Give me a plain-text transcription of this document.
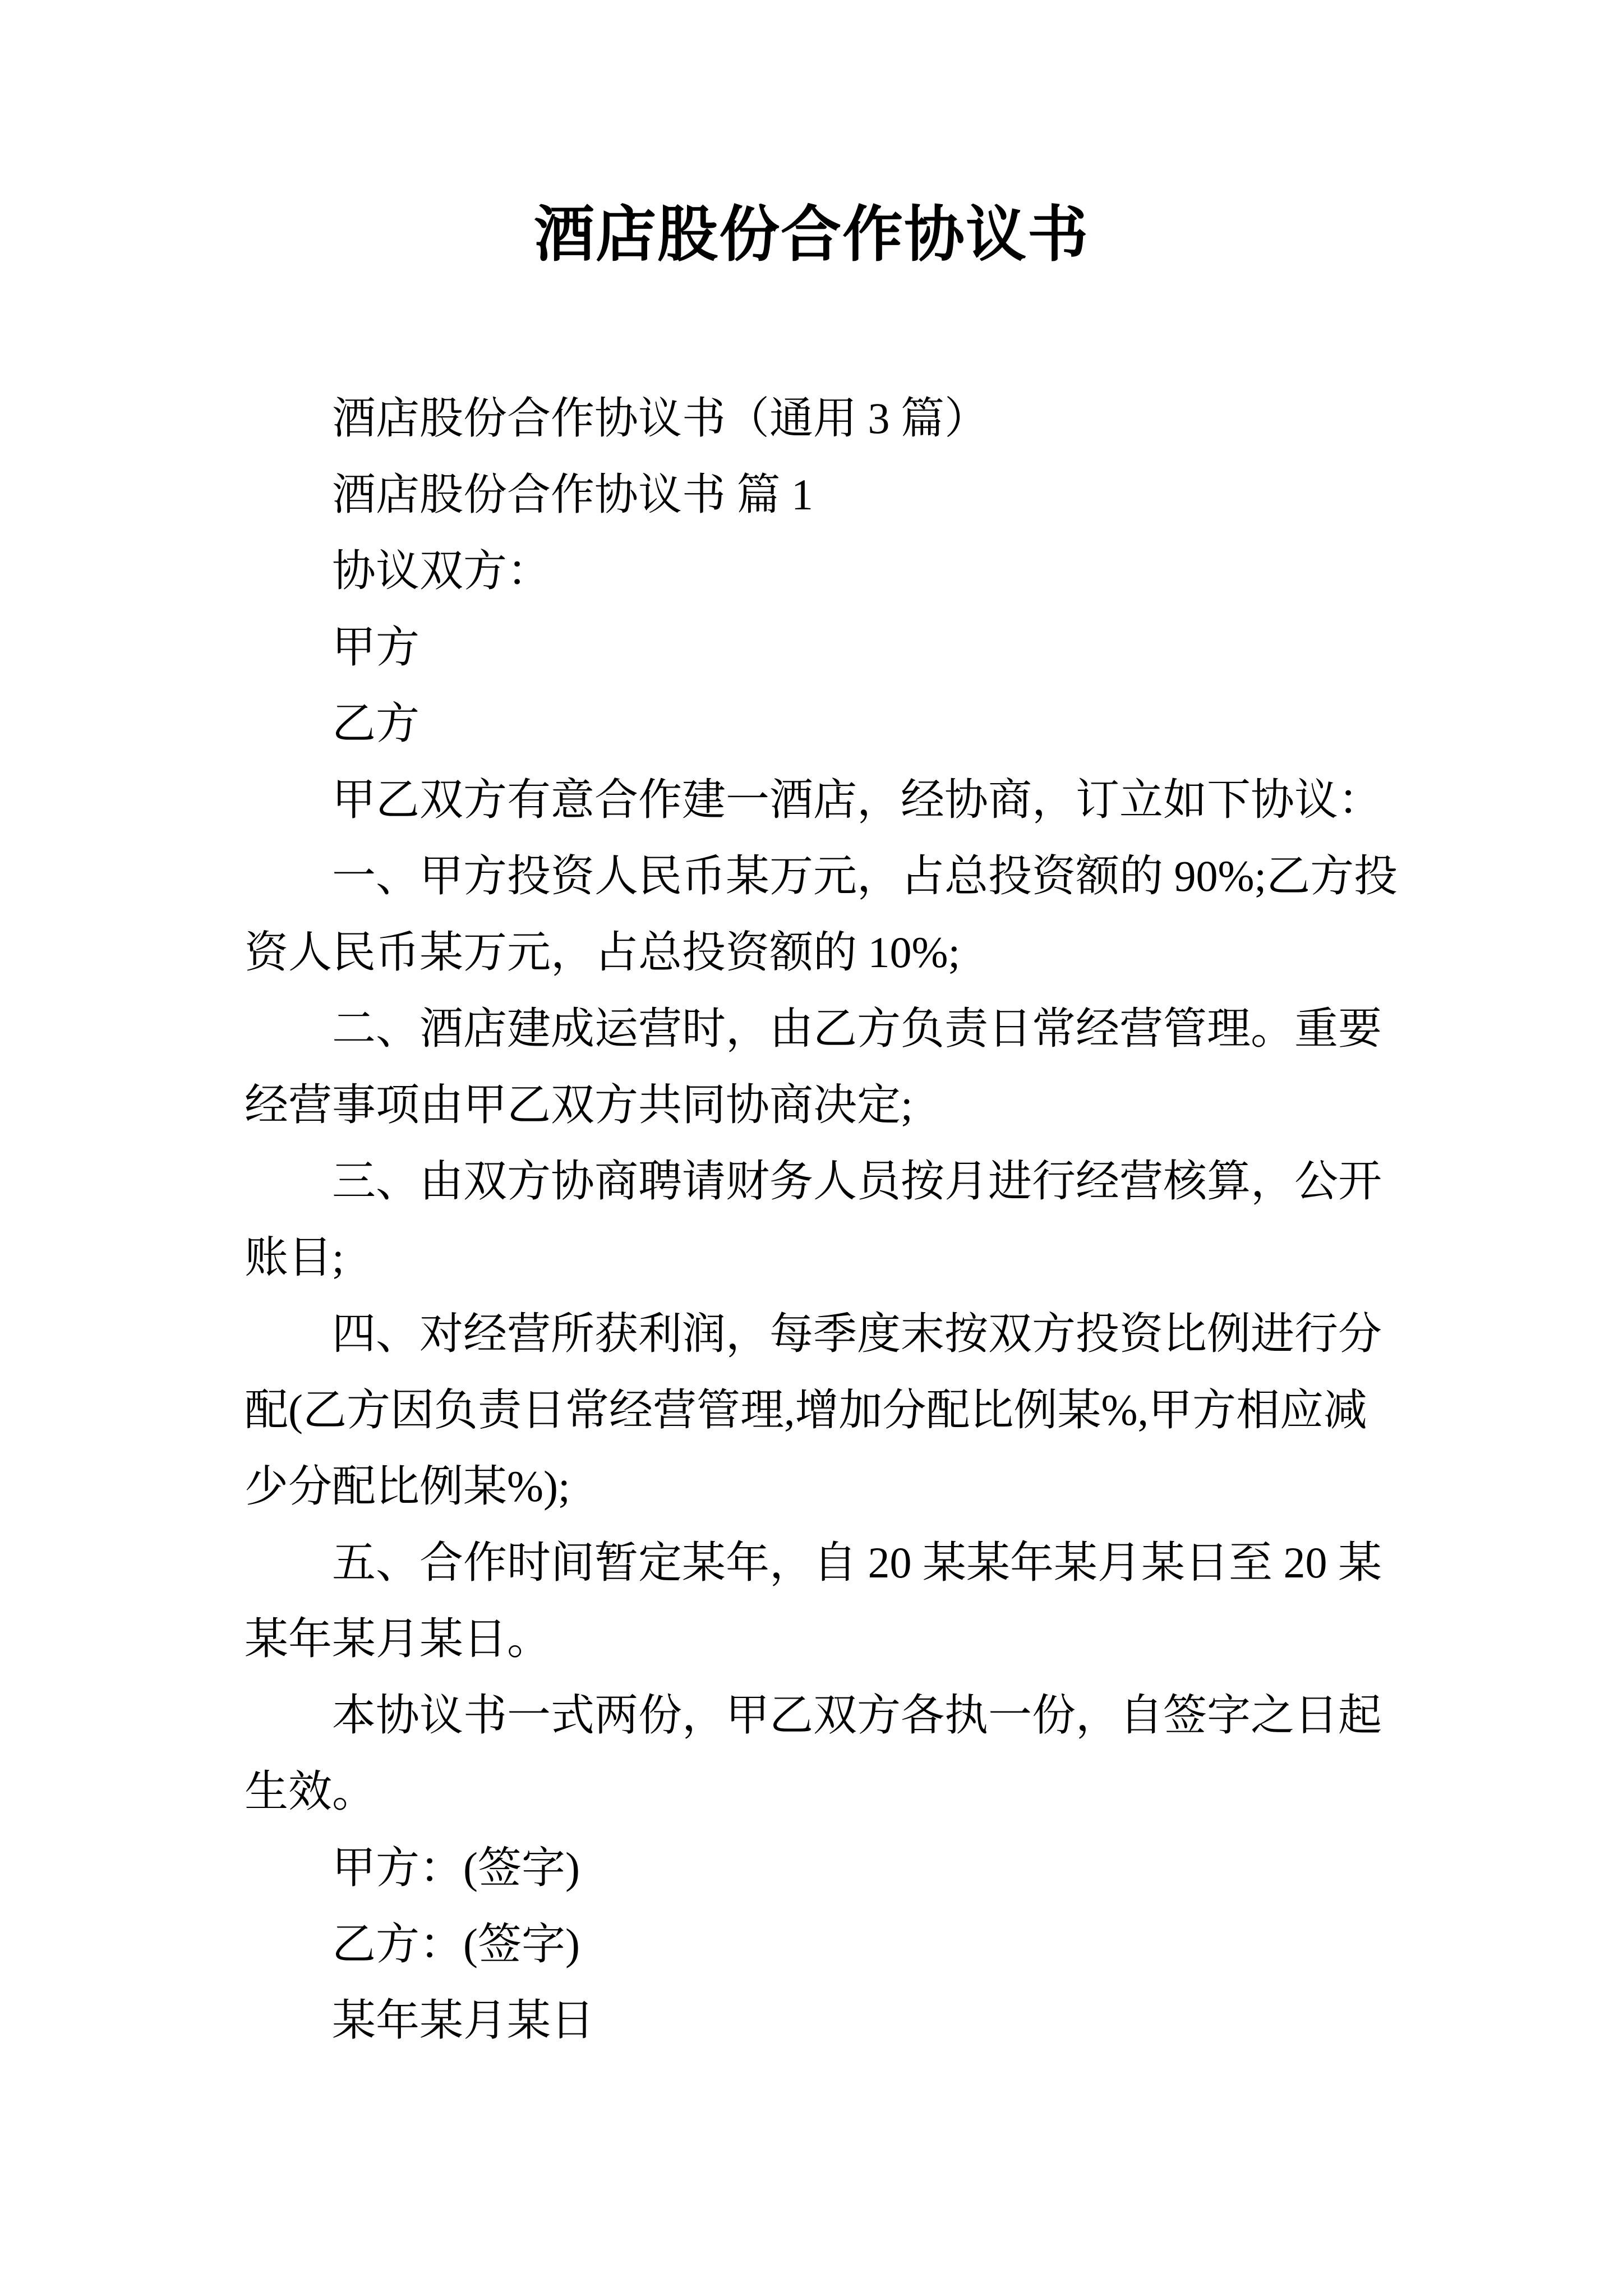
酒店股份合作协议书
酒店股份合作协议书（通用 3 篇）
酒店股份合作协议书 篇 1
协议双方：
甲方
乙方
甲乙双方有意合作建一酒店，经协商，订立如下协议：
一、甲方投资人民币某万元，占总投资额的 90%;乙方投
资人民币某万元，占总投资额的 10%;
二、酒店建成运营时，由乙方负责日常经营管理。重要
经营事项由甲乙双方共同协商决定;
三、由双方协商聘请财务人员按月进行经营核算，公开
账目;
四、对经营所获利润，每季度末按双方投资比例进行分
配(乙方因负责日常经营管理,增加分配比例某%,甲方相应减
少分配比例某%);
五、合作时间暂定某年，自 20 某某年某月某日至 20 某
某年某月某日。
本协议书一式两份，甲乙双方各执一份，自签字之日起
生效。
甲方：(签字)
乙方：(签字)
某年某月某日
